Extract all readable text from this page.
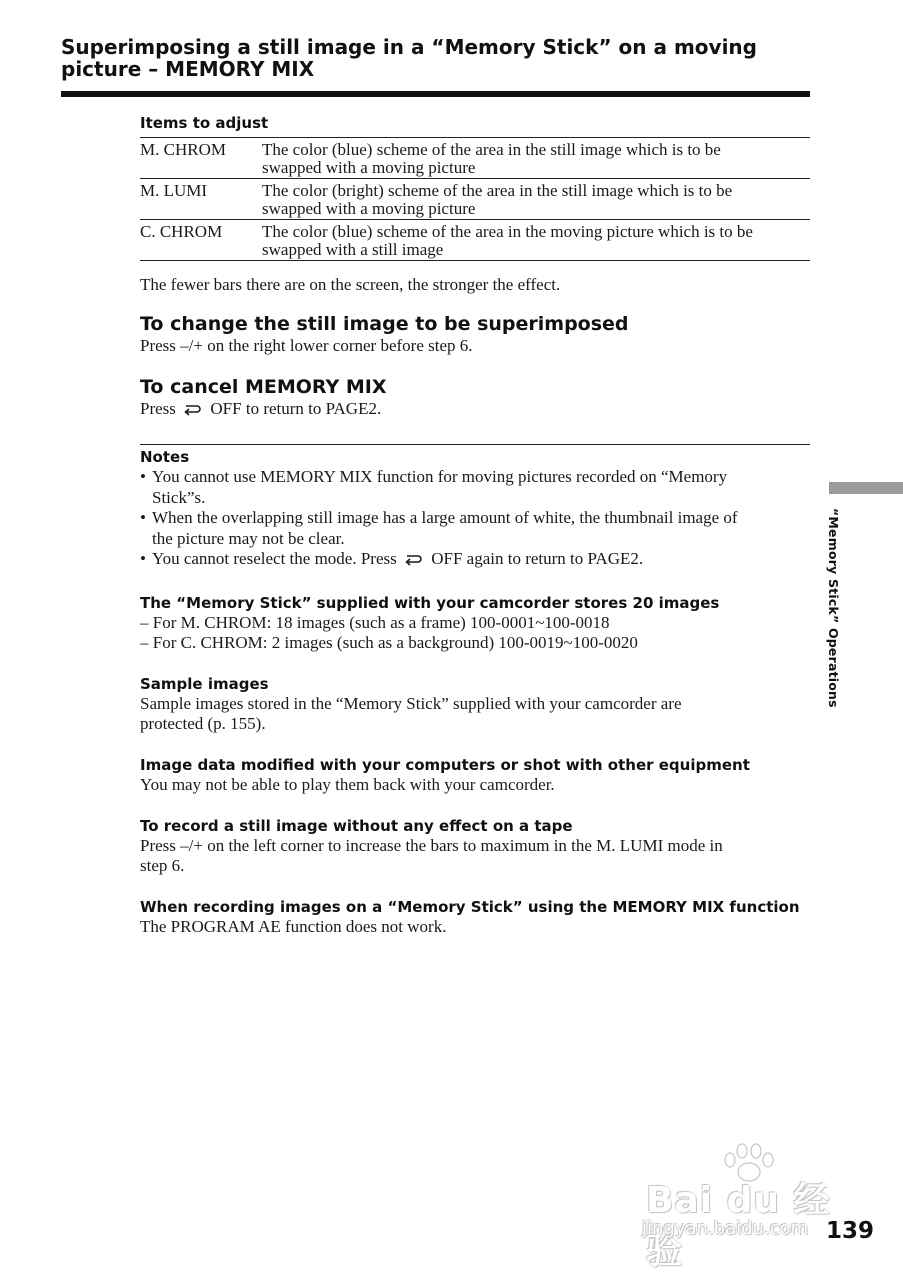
Superimposing a still image in a “Memory Stick” on a moving
picture – MEMORY MIX
Items to adjust
M. CHROM	The color (blue) scheme of the area in the still image which is to be
swapped with a moving picture

M. LUMI	The color (bright) scheme of the area in the still image which is to be
swapped with a moving picture

C. CHROM	The color (blue) scheme of the area in the moving picture which is to be
swapped with a still image
The fewer bars there are on the screen, the stronger the effect.
To change the still image to be superimposed
Press –/+ on the right lower corner before step 6.
To cancel MEMORY MIX
Press OFF to return to PAGE2.
Notes
• You cannot use MEMORY MIX function for moving pictures recorded on “Memory
Stick”s.
• When the overlapping still image has a large amount of white, the thumbnail image of
the picture may not be clear.
• You cannot reselect the mode. Press OFF again to return to PAGE2.
The “Memory Stick” supplied with your camcorder stores 20 images
– For M. CHROM: 18 images (such as a frame) 100-0001~100-0018
– For C. CHROM: 2 images (such as a background) 100-0019~100-0020
Sample images
Sample images stored in the “Memory Stick” supplied with your camcorder are
protected (p. 155).
Image data modified with your computers or shot with other equipment
You may not be able to play them back with your camcorder.
To record a still image without any effect on a tape
Press –/+ on the left corner to increase the bars to maximum in the M. LUMI mode in
step 6.
When recording images on a “Memory Stick” using the MEMORY MIX function
The PROGRAM AE function does not work.
“Memory Stick” Operations
Bai du 经验
jingyan.baidu.com 139
